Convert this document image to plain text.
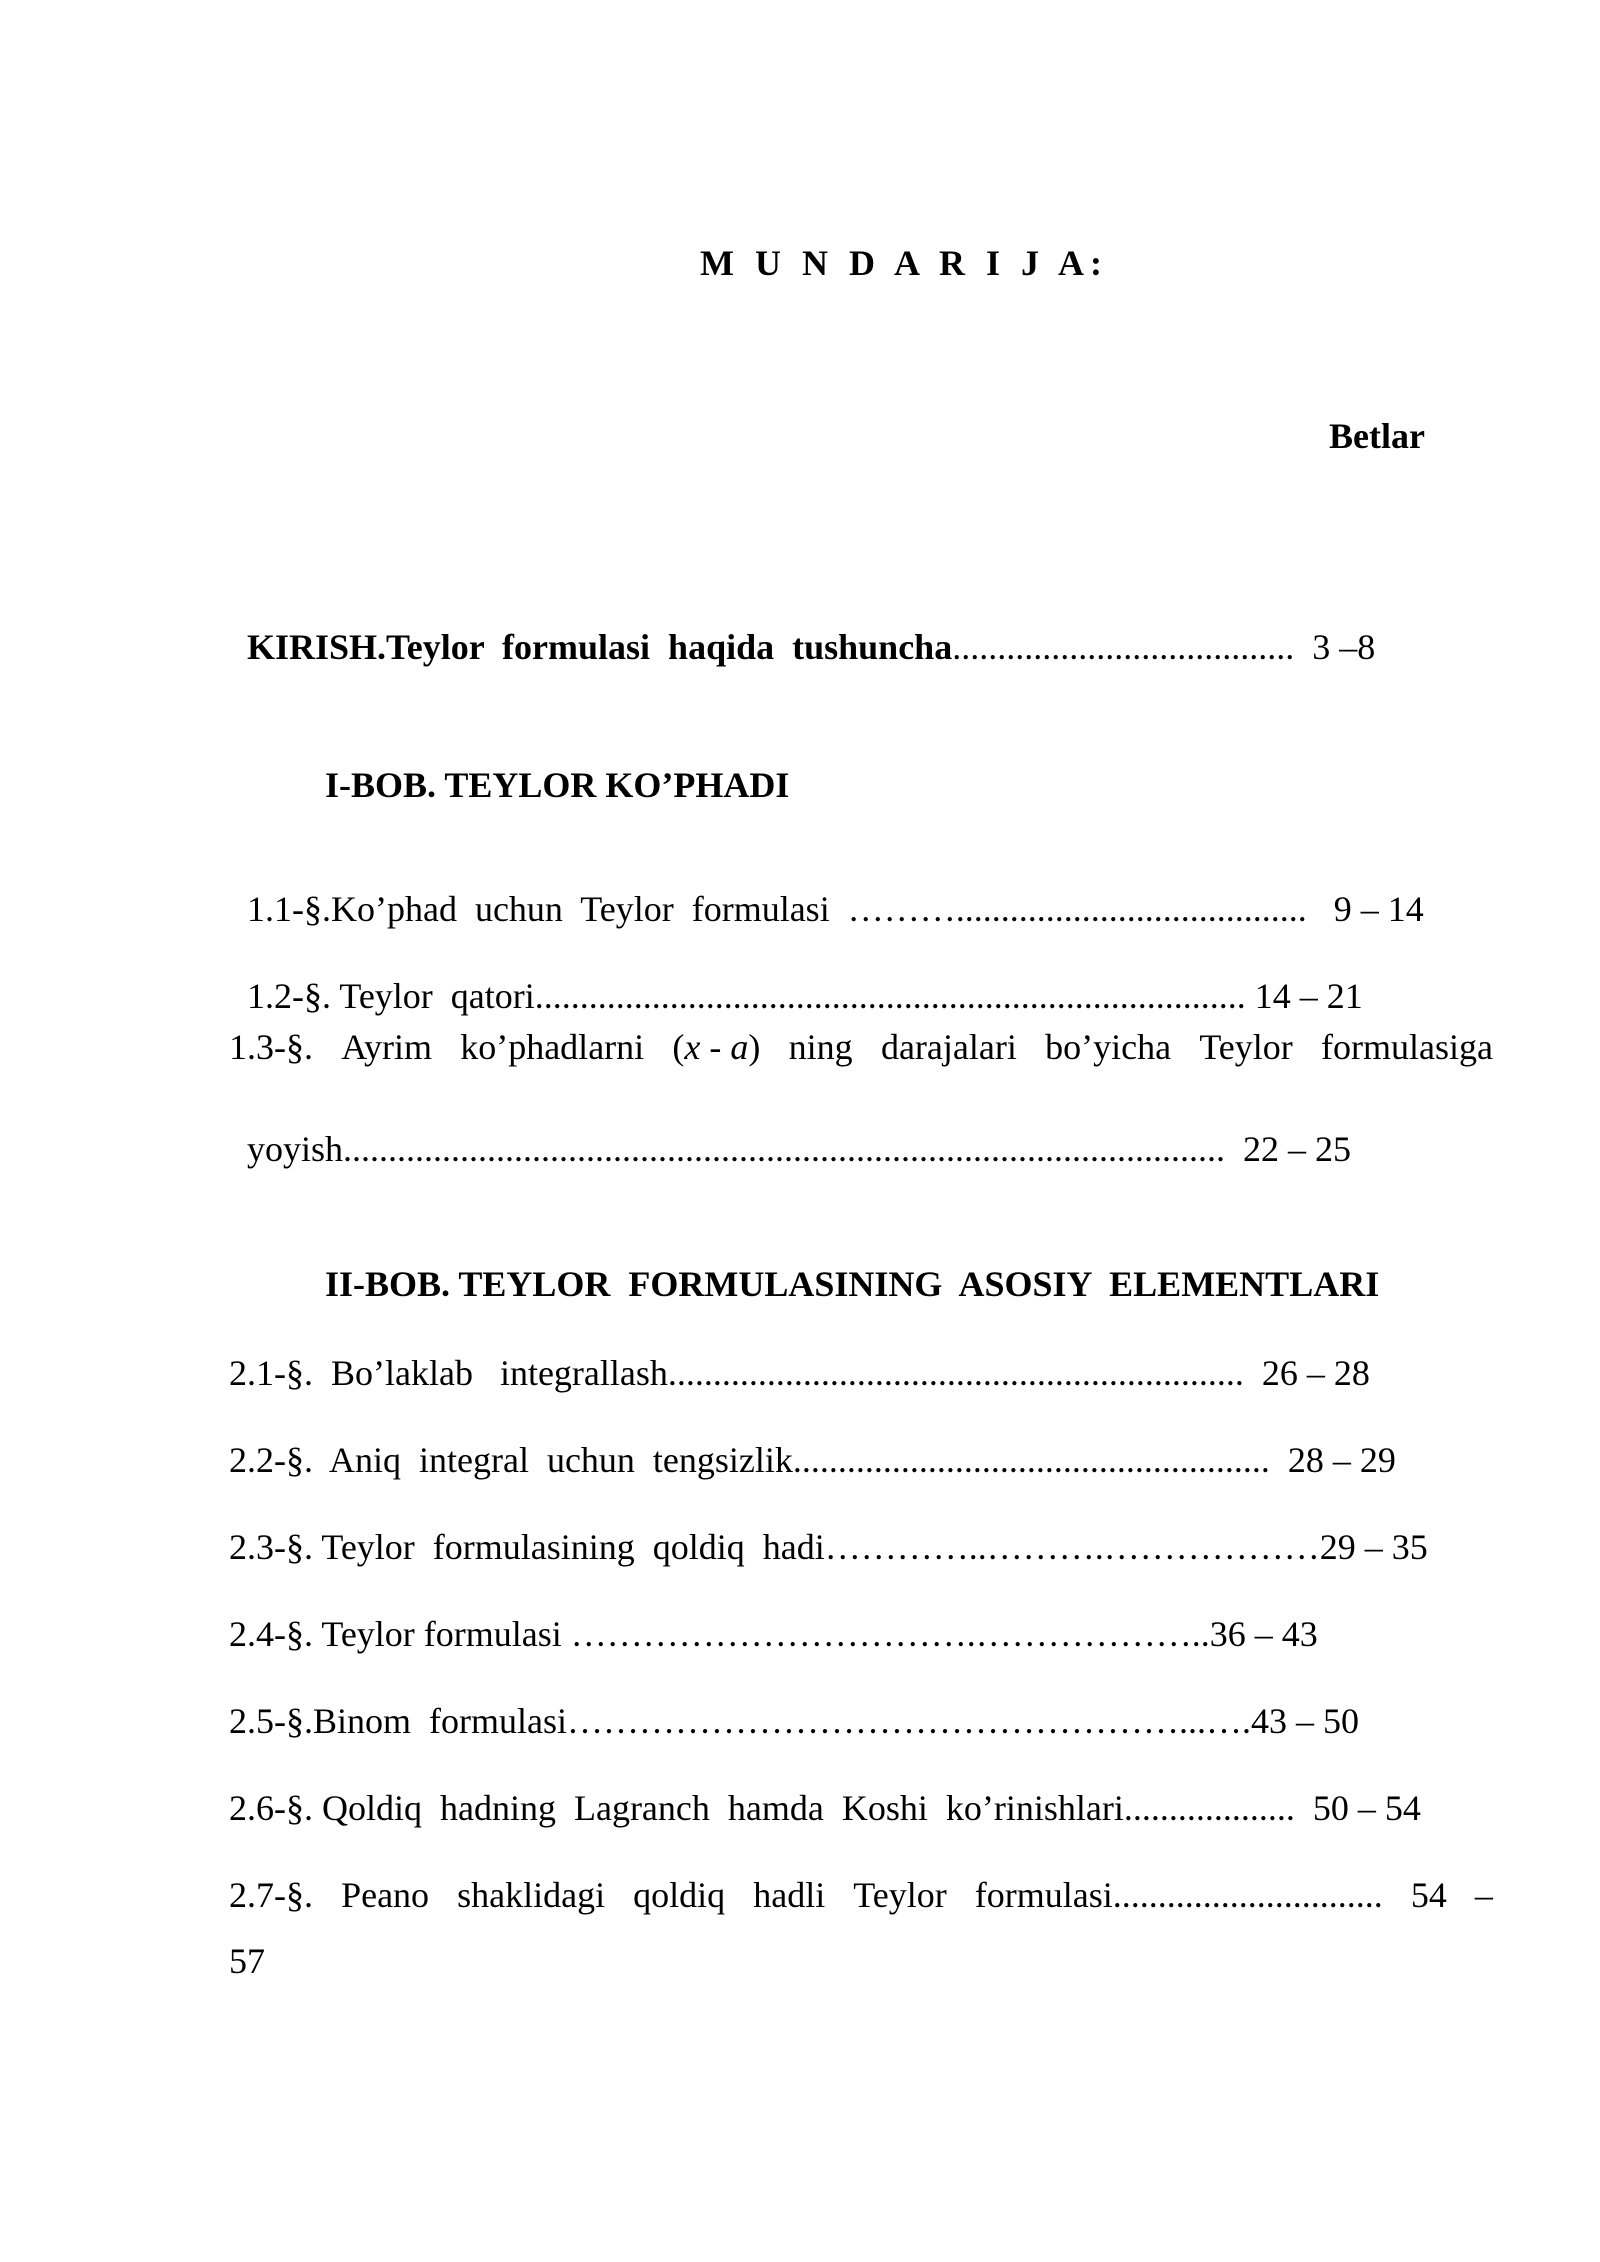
M U N D A R I J A:
Betlar

KIRISH.Teylor  formulasi  haqida  tushuncha...................................... 3 –8

I-BOB. TEYLOR KO’PHADI

1.1-§.Ko’phad  uchun  Teylor  formulasi  ………....................................... 9 – 14

1.2-§. Teylor  qatori............................................................................... 14 – 21

1.3-§. Ayrim ko’phadlarni (x - a) ning darajalari bo’yicha Teylor formulasiga

yoyish.................................................................................................. 22 – 25

II-BOB. TEYLOR  FORMULASINING  ASOSIY  ELEMENTLARI
2.1-§.  Bo’laklab   integrallash................................................................  26 – 28
2.2-§.  Aniq  integral  uchun  tengsizlik.....................................................  28 – 29
2.3-§. Teylor  formulasining  qoldiq  hadi…………..……….………………29 – 35
2.4-§. Teylor formulasi …………………………….………………..36 – 43
2.5-§.Binom  formulasi……………………………………………...….43 – 50
2.6-§. Qoldiq  hadning  Lagranch  hamda  Koshi  ko’rinishlari...................  50 – 54
2.7-§. Peano shaklidagi qoldiq hadli Teylor formulasi.............................. 54 –
57
